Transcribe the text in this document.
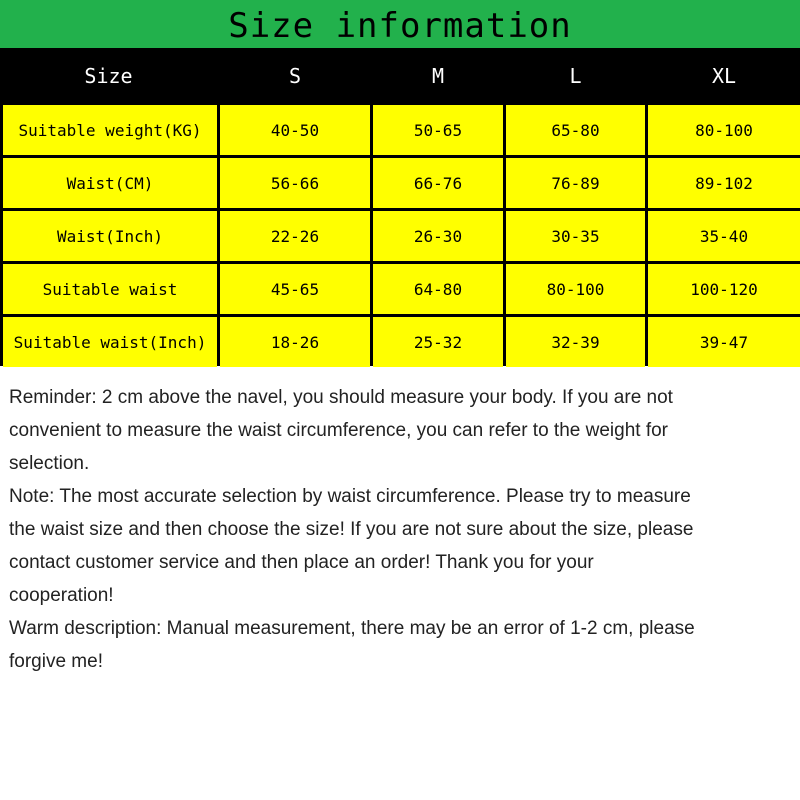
Size information
Size	S	M	L	XL
Suitable weight(KG)	40-50	50-65	65-80	80-100
Waist(CM)	56-66	66-76	76-89	89-102
Waist(Inch)	22-26	26-30	30-35	35-40
Suitable waist	45-65	64-80	80-100	100-120
Suitable waist(Inch)	18-26	25-32	32-39	39-47

Reminder: 2 cm above the navel, you should measure your body. If you are not convenient to measure the waist circumference, you can refer to the weight for selection.

Note: The most accurate selection by waist circumference. Please try to measure the waist size and then choose the size! If you are not sure about the size, please contact customer service and then place an order! Thank you for your cooperation!

Warm description: Manual measurement, there may be an error of 1-2 cm, please forgive me!
